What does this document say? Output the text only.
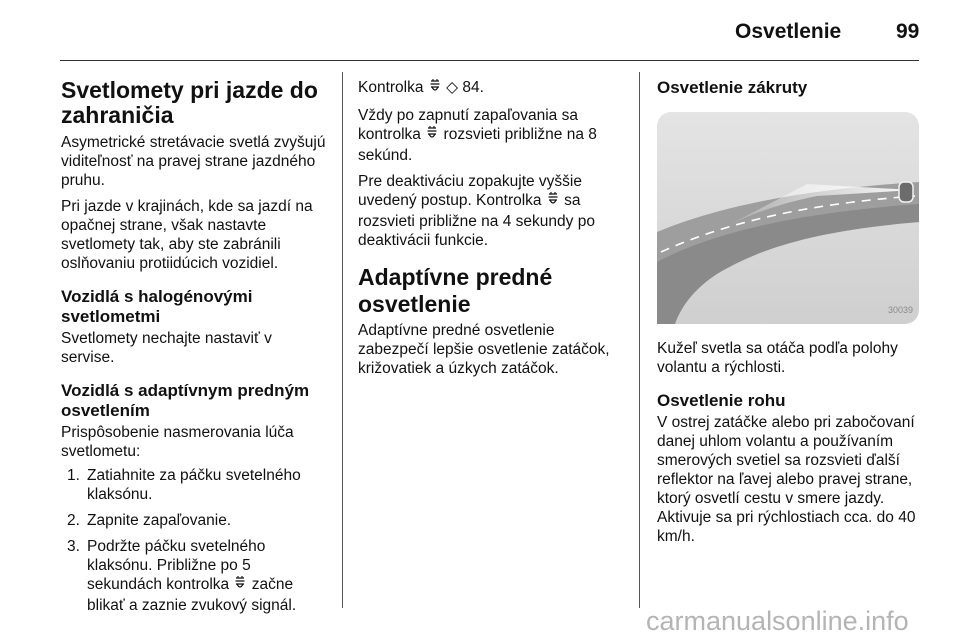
Osvetlenie	99
Svetlomety pri jazde do zahraničia

Asymetrické stretávacie svetlá zvyšujú viditeľnosť na pravej strane jazdného pruhu.

Pri jazde v krajinách, kde sa jazdí na opačnej strane, však nastavte svetlomety tak, aby ste zabránili oslňovaniu protiidúcich vozidiel.

Vozidlá s halogénovými svetlometmi

Svetlomety nechajte nastaviť v servise.

Vozidlá s adaptívnym predným osvetlením

Prispôsobenie nasmerovania lúča svetlometu:

1. Zatiahnite za páčku svetelného klaksónu.
2. Zapnite zapaľovanie.
3. Podržte páčku svetelného klaksónu. Približne po 5 sekundách kontrolka začne blikať a zaznie zvukový signál.

Kontrolka ◇ 84.

Vždy po zapnutí zapaľovania sa kontrolka rozsvieti približne na 8 sekúnd.

Pre deaktiváciu zopakujte vyššie uvedený postup. Kontrolka sa rozsvieti približne na 4 sekundy po deaktivácii funkcie.

Adaptívne predné osvetlenie

Adaptívne predné osvetlenie zabezpečí lepšie osvetlenie zatáčok, križovatiek a úzkych zatáčok.

Osvetlenie zákruty
30039

Kužeľ svetla sa otáča podľa polohy volantu a rýchlosti.

Osvetlenie rohu

V ostrej zatáčke alebo pri zabočovaní danej uhlom volantu a používaním smerových svetiel sa rozsvieti ďalší reflektor na ľavej alebo pravej strane, ktorý osvetlí cestu v smere jazdy. Aktivuje sa pri rýchlostiach cca. do 40 km/h.

carmanualsonline.info
